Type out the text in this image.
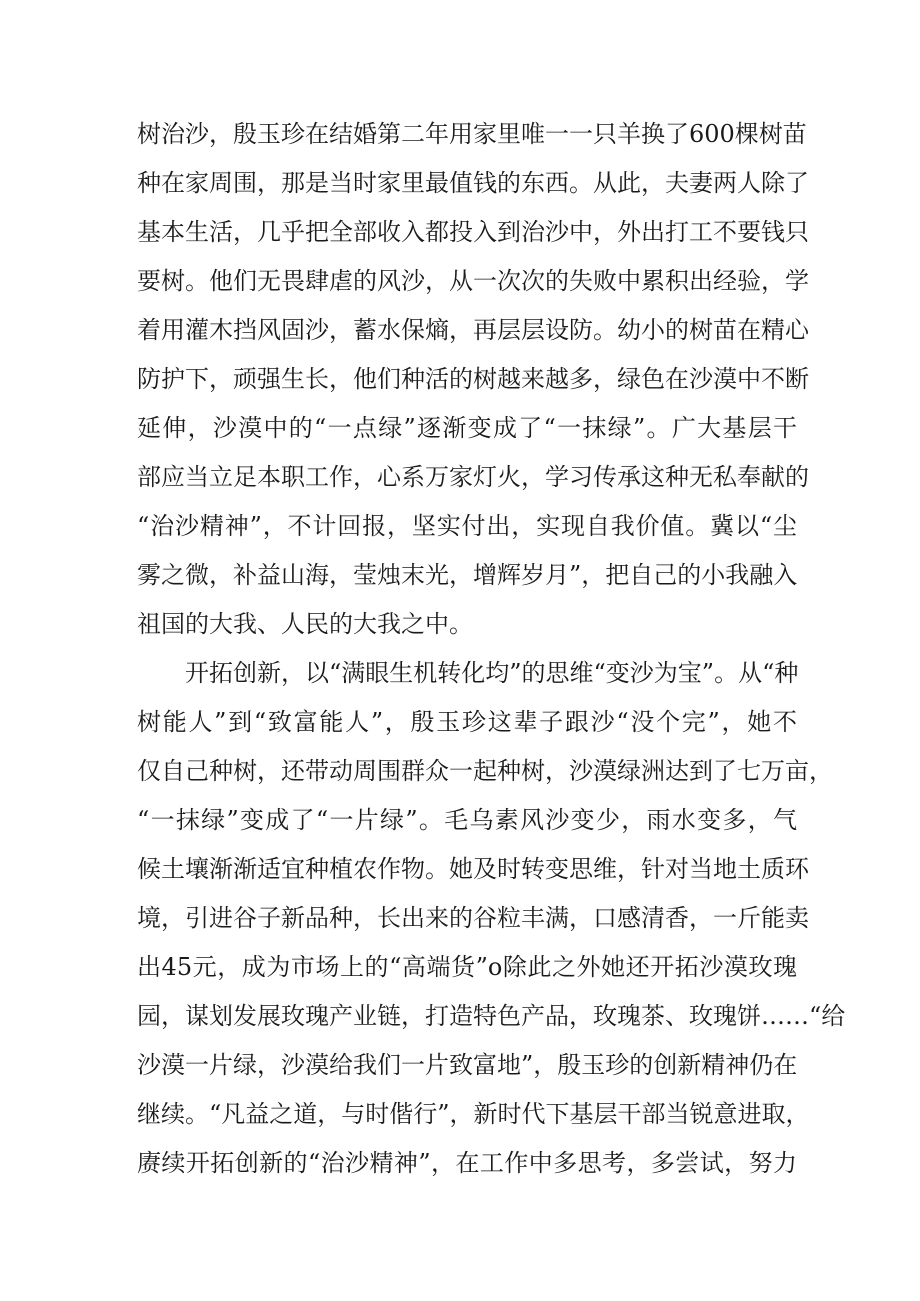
树治沙，殷玉珍在结婚第二年用家里唯一一只羊换了600棵树苗
种在家周围，那是当时家里最值钱的东西。从此，夫妻两人除了
基本生活，几乎把全部收入都投入到治沙中，外出打工不要钱只
要树。他们无畏肆虐的风沙，从一次次的失败中累积出经验，学
着用灌木挡风固沙，蓄水保熵，再层层设防。幼小的树苗在精心
防护下，顽强生长，他们种活的树越来越多，绿色在沙漠中不断
延伸，沙漠中的“一点绿”逐渐变成了“一抹绿”。广大基层干
部应当立足本职工作，心系万家灯火，学习传承这种无私奉献的
“治沙精神”，不计回报，坚实付出，实现自我价值。冀以“尘
雾之微，补益山海，莹烛末光，增辉岁月”，把自己的小我融入
祖国的大我、人民的大我之中。
开拓创新，以“满眼生机转化均”的思维“变沙为宝”。从“种
树能人”到“致富能人”，殷玉珍这辈子跟沙“没个完”，她不
仅自己种树，还带动周围群众一起种树，沙漠绿洲达到了七万亩，
“一抹绿”变成了“一片绿”。毛乌素风沙变少，雨水变多，气
候土壤渐渐适宜种植农作物。她及时转变思维，针对当地土质环
境，引进谷子新品种，长出来的谷粒丰满，口感清香，一斤能卖
出45元，成为市场上的“高端货”o除此之外她还开拓沙漠玫瑰
园，谋划发展玫瑰产业链，打造特色产品，玫瑰茶、玫瑰饼……“给
沙漠一片绿，沙漠给我们一片致富地”，殷玉珍的创新精神仍在
继续。“凡益之道，与时偕行”，新时代下基层干部当锐意进取，
赓续开拓创新的“治沙精神”，在工作中多思考，多尝试，努力
